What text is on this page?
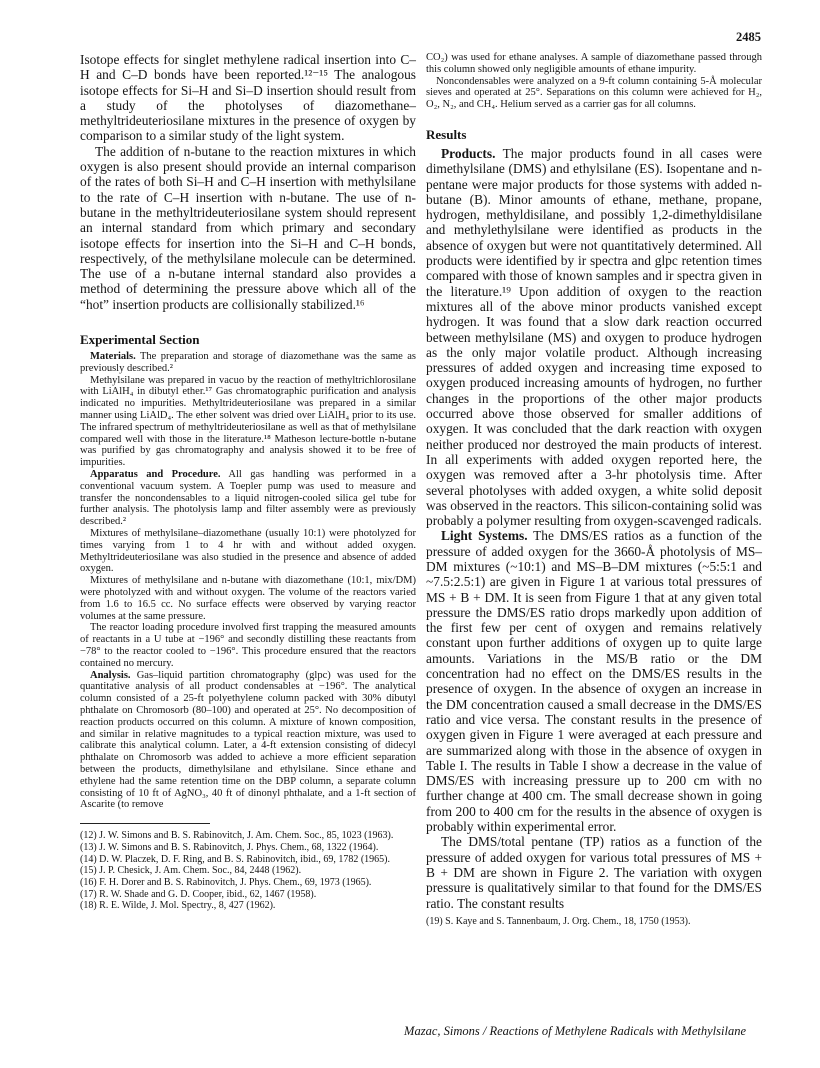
2485

Isotope effects for singlet methylene radical insertion into C–H and C–D bonds have been reported.¹²⁻¹⁵ The analogous isotope effects for Si–H and Si–D insertion should result from a study of the photolyses of diazomethane–methyltrideuteriosilane mixtures in the presence of oxygen by comparison to a similar study of the light system.

The addition of n-butane to the reaction mixtures in which oxygen is also present should provide an internal comparison of the rates of both Si–H and C–H insertion with methylsilane to the rate of C–H insertion with n-butane. The use of n-butane in the methyltrideuteriosilane system should represent an internal standard from which primary and secondary isotope effects for insertion into the Si–H and C–H bonds, respectively, of the methylsilane molecule can be determined. The use of a n-butane internal standard also provides a method of determining the pressure above which all of the “hot” insertion products are collisionally stabilized.¹⁶

Experimental Section

Materials. The preparation and storage of diazomethane was the same as previously described.²

Methylsilane was prepared in vacuo by the reaction of methyltrichlorosilane with LiAlH₄ in dibutyl ether.¹⁷ Gas chromatographic purification and analysis indicated no impurities. Methyltrideuteriosilane was prepared in a similar manner using LiAlD₄. The ether solvent was dried over LiAlH₄ prior to its use. The infrared spectrum of methyltrideuteriosilane as well as that of methylsilane compared well with those in the literature.¹⁸ Matheson lecture-bottle n-butane was purified by gas chromatography and analysis showed it to be free of impurities.

Apparatus and Procedure. All gas handling was performed in a conventional vacuum system. A Toepler pump was used to measure and transfer the noncondensables to a liquid nitrogen-cooled silica gel tube for further analysis. The photolysis lamp and filter assembly were as previously described.²

Mixtures of methylsilane–diazomethane (usually 10:1) were photolyzed for times varying from 1 to 4 hr with and without added oxygen. Methyltrideuteriosilane was also studied in the presence and absence of added oxygen.

Mixtures of methylsilane and n-butane with diazomethane (10:1, mix/DM) were photolyzed with and without oxygen. The volume of the reactors varied from 1.6 to 16.5 cc. No surface effects were observed by varying reactor volumes at the same pressure.

The reactor loading procedure involved first trapping the measured amounts of reactants in a U tube at −196° and secondly distilling these reactants from −78° to the reactor cooled to −196°. This procedure ensured that the reactors contained no mercury.

Analysis. Gas–liquid partition chromatography (glpc) was used for the quantitative analysis of all product condensables at −196°. The analytical column consisted of a 25-ft polyethylene column packed with 30% dibutyl phthalate on Chromosorb (80–100) and operated at 25°. No decomposition of reaction products occurred on this column. A mixture of known composition, and similar in relative magnitudes to a typical reaction mixture, was used to calibrate this analytical column. Later, a 4-ft extension consisting of didecyl phthalate on Chromosorb was added to achieve a more efficient separation between the products, dimethylsilane and ethylsilane. Since ethane and ethylene had the same retention time on the DBP column, a separate column consisting of 10 ft of AgNO₃, 40 ft of dinonyl phthalate, and a 1-ft section of Ascarite (to remove

(12) J. W. Simons and B. S. Rabinovitch, J. Am. Chem. Soc., 85, 1023 (1963).
(13) J. W. Simons and B. S. Rabinovitch, J. Phys. Chem., 68, 1322 (1964).
(14) D. W. Placzek, D. F. Ring, and B. S. Rabinovitch, ibid., 69, 1782 (1965).
(15) J. P. Chesick, J. Am. Chem. Soc., 84, 2448 (1962).
(16) F. H. Dorer and B. S. Rabinovitch, J. Phys. Chem., 69, 1973 (1965).
(17) R. W. Shade and G. D. Cooper, ibid., 62, 1467 (1958).
(18) R. E. Wilde, J. Mol. Spectry., 8, 427 (1962).

CO₂) was used for ethane analyses. A sample of diazomethane passed through this column showed only negligible amounts of ethane impurity.

Noncondensables were analyzed on a 9-ft column containing 5-Å molecular sieves and operated at 25°. Separations on this column were achieved for H₂, O₂, N₂, and CH₄. Helium served as a carrier gas for all columns.

Results

Products. The major products found in all cases were dimethylsilane (DMS) and ethylsilane (ES). Isopentane and n-pentane were major products for those systems with added n-butane (B). Minor amounts of ethane, methane, propane, hydrogen, methyldisilane, and possibly 1,2-dimethyldisilane and methylethylsilane were identified as products in the absence of oxygen but were not quantitatively determined. All products were identified by ir spectra and glpc retention times compared with those of known samples and ir spectra given in the literature.¹⁹ Upon addition of oxygen to the reaction mixtures all of the above minor products vanished except hydrogen. It was found that a slow dark reaction occurred between methylsilane (MS) and oxygen to produce hydrogen as the only major volatile product. Although increasing pressures of added oxygen and increasing time exposed to oxygen produced increasing amounts of hydrogen, no further changes in the proportions of the other major products occurred above those observed for smaller additions of oxygen. It was concluded that the dark reaction with oxygen neither produced nor destroyed the main products of interest. In all experiments with added oxygen reported here, the oxygen was removed after a 3-hr photolysis time. After several photolyses with added oxygen, a white solid deposit was observed in the reactors. This silicon-containing solid was probably a polymer resulting from oxygen-scavenged radicals.

Light Systems. The DMS/ES ratios as a function of the pressure of added oxygen for the 3660-Å photolysis of MS–DM mixtures (~10:1) and MS–B–DM mixtures (~5:5:1 and ~7.5:2.5:1) are given in Figure 1 at various total pressures of MS + B + DM. It is seen from Figure 1 that at any given total pressure the DMS/ES ratio drops markedly upon addition of the first few per cent of oxygen and remains relatively constant upon further additions of oxygen up to quite large amounts. Variations in the MS/B ratio or the DM concentration had no effect on the DMS/ES results in the presence of oxygen. In the absence of oxygen an increase in the DM concentration caused a small decrease in the DMS/ES ratio and vice versa. The constant results in the presence of oxygen given in Figure 1 were averaged at each pressure and are summarized along with those in the absence of oxygen in Table I. The results in Table I show a decrease in the value of DMS/ES with increasing pressure up to 200 cm with no further change at 400 cm. The small decrease shown in going from 200 to 400 cm for the results in the absence of oxygen is probably within experimental error.

The DMS/total pentane (TP) ratios as a function of the pressure of added oxygen for various total pressures of MS + B + DM are shown in Figure 2. The variation with oxygen pressure is qualitatively similar to that found for the DMS/ES ratio. The constant results

(19) S. Kaye and S. Tannenbaum, J. Org. Chem., 18, 1750 (1953).
Mazac, Simons / Reactions of Methylene Radicals with Methylsilane
